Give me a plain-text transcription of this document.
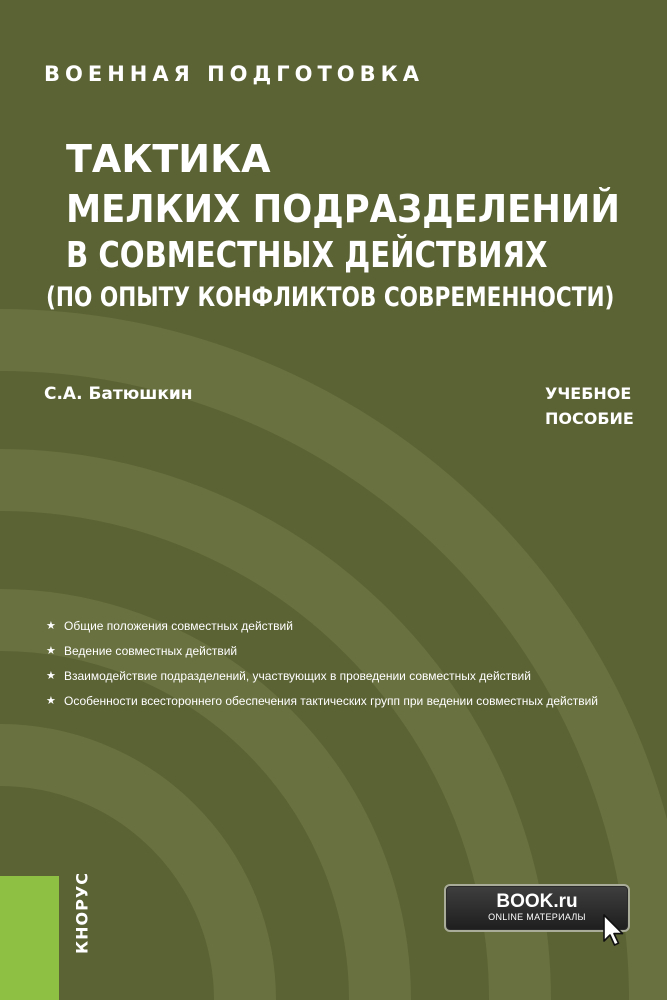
ВОЕННАЯ ПОДГОТОВКА
ТАКТИКА
МЕЛКИХ ПОДРАЗДЕЛЕНИЙ
В СОВМЕСТНЫХ ДЕЙСТВИЯХ
(ПО ОПЫТУ КОНФЛИКТОВ СОВРЕМЕННОСТИ)
С.А. Батюшкин	УЧЕБНОЕ
ПОСОБИЕ
★ Общие положения совместных действий
★ Ведение совместных действий
★ Взаимодействие подразделений, участвующих в проведении совместных действий
★ Особенности всестороннего обеспечения тактических групп при ведении совместных действий
КНОРУС	BOOK.ru
ONLINE МАТЕРИАЛЫ
